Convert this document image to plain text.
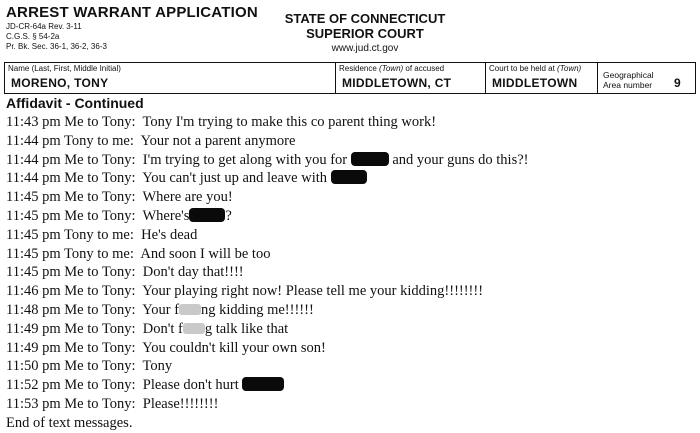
ARREST WARRANT APPLICATION
JD-CR-64a Rev. 3-11
C.G.S. § 54-2a
Pr. Bk. Sec. 36-1, 36-2, 36-3
STATE OF CONNECTICUT
SUPERIOR COURT
www.jud.ct.gov
Name (Last, First, Middle Initial)
MORENO, TONY
Residence (Town) of accused
MIDDLETOWN, CT
Court to be held at (Town)
MIDDLETOWN
Geographical
Area number 9
Affidavit - Continued
11:43 pm Me to Tony: Tony I'm trying to make this co parent thing work!
11:44 pm Tony to me: Your not a parent anymore
11:44 pm Me to Tony: I'm trying to get along with you for	and your guns do this?!
11:44 pm Me to Tony: You can't just up and leave with
11:45 pm Me to Tony: Where are you!
11:45 pm Me to Tony: Where's ?
11:45 pm Tony to me: He's dead
11:45 pm Tony to me: And soon I will be too
11:45 pm Me to Tony: Don't day that!!!!
11:46 pm Me to Tony: Your playing right now! Please tell me your kidding!!!!!!!!
11:48 pm Me to Tony: Your f ng kidding me!!!!!!
11:49 pm Me to Tony: Don't f g talk like that
11:49 pm Me to Tony: You couldn't kill your own son!
11:50 pm Me to Tony: Tony
11:52 pm Me to Tony: Please don't hurt
11:53 pm Me to Tony: Please!!!!!!!!
End of text messages.
